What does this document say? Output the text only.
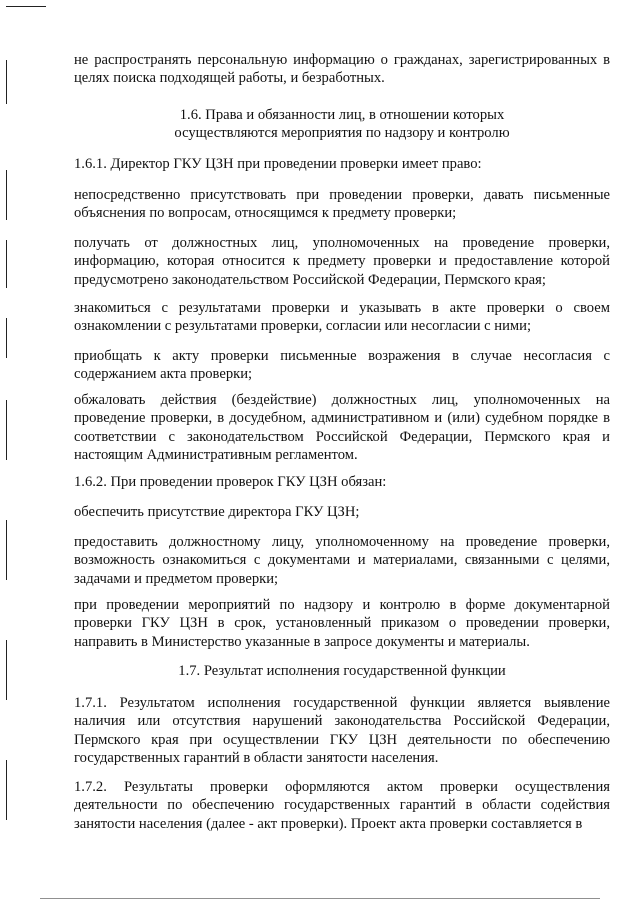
не распространять персональную информацию о гражданах, зарегистрированных в целях поиска подходящей работы, и безработных.
1.6. Права и обязанности лиц, в отношении которых
осуществляются мероприятия по надзору и контролю
1.6.1. Директор ГКУ ЦЗН при проведении проверки имеет право:
непосредственно присутствовать при проведении проверки, давать письменные объяснения по вопросам, относящимся к предмету проверки;
получать от должностных лиц, уполномоченных на проведение проверки, информацию, которая относится к предмету проверки и предоставление которой предусмотрено законодательством Российской Федерации, Пермского края;
знакомиться с результатами проверки и указывать в акте проверки о своем ознакомлении с результатами проверки, согласии или несогласии с ними;
приобщать к акту проверки письменные возражения в случае несогласия с содержанием акта проверки;
обжаловать действия (бездействие) должностных лиц, уполномоченных на проведение проверки, в досудебном, административном и (или) судебном порядке в соответствии с законодательством Российской Федерации, Пермского края и настоящим Административным регламентом.
1.6.2. При проведении проверок ГКУ ЦЗН обязан:
обеспечить присутствие директора ГКУ ЦЗН;
предоставить должностному лицу, уполномоченному на проведение проверки, возможность ознакомиться с документами и материалами, связанными с целями, задачами и предметом проверки;
при проведении мероприятий по надзору и контролю в форме документарной проверки ГКУ ЦЗН в срок, установленный приказом о проведении проверки, направить в Министерство указанные в запросе документы и материалы.
1.7. Результат исполнения государственной функции
1.7.1. Результатом исполнения государственной функции является выявление наличия или отсутствия нарушений законодательства Российской Федерации, Пермского края при осуществлении ГКУ ЦЗН деятельности по обеспечению государственных гарантий в области занятости населения.
1.7.2. Результаты проверки оформляются актом проверки осуществления деятельности по обеспечению государственных гарантий в области содействия занятости населения (далее - акт проверки). Проект акта проверки составляется в
